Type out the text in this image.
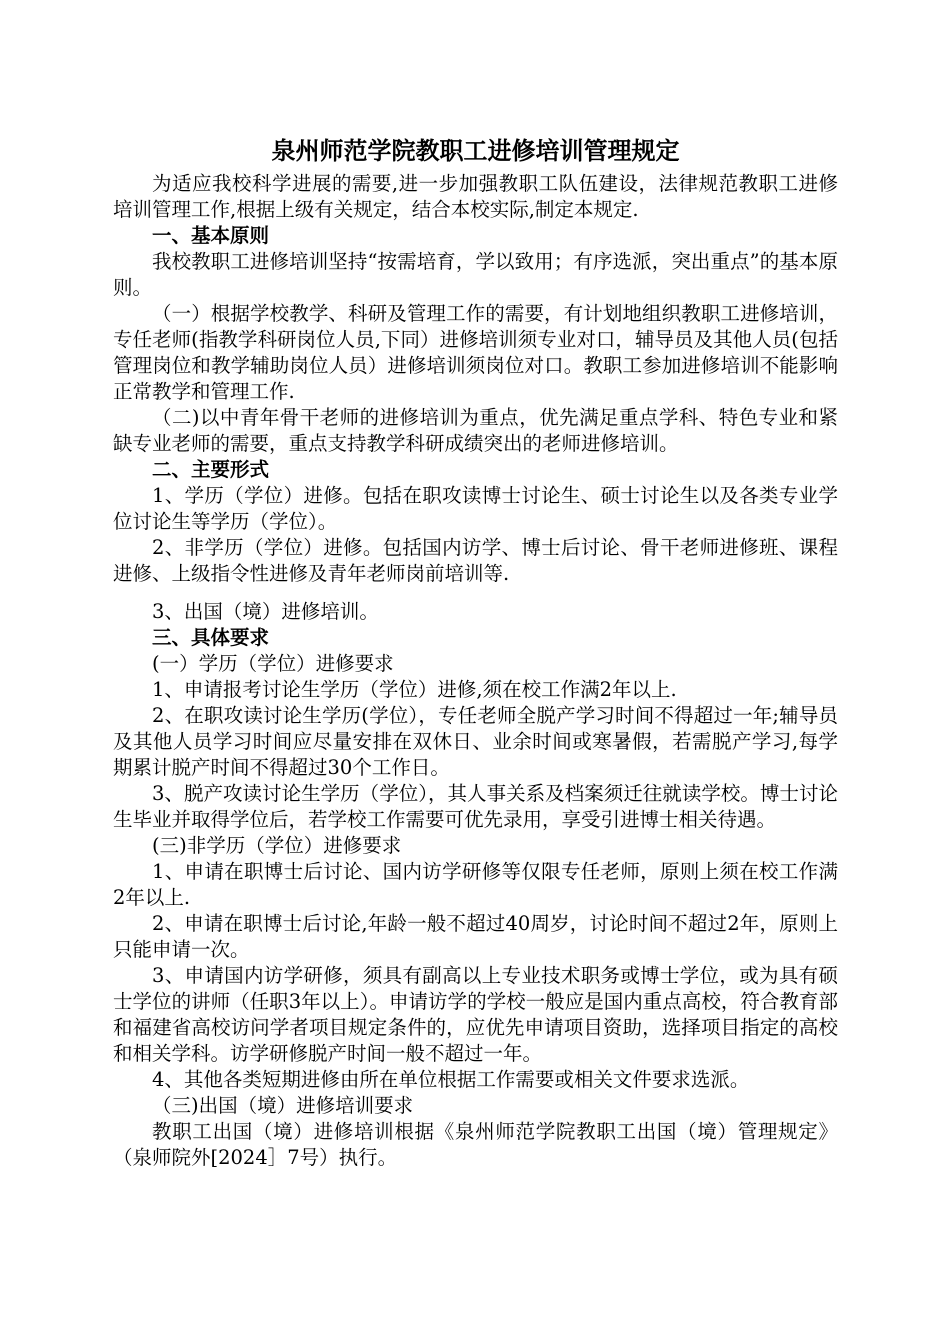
泉州师范学院教职工进修培训管理规定

为适应我校科学进展的需要,进一步加强教职工队伍建设，法律规范教职工进修培训管理工作,根据上级有关规定，结合本校实际,制定本规定.

一、基本原则

我校教职工进修培训坚持“按需培育，学以致用；有序选派，突出重点”的基本原则。

（一）根据学校教学、科研及管理工作的需要，有计划地组织教职工进修培训，专任老师(指教学科研岗位人员,下同）进修培训须专业对口，辅导员及其他人员(包括管理岗位和教学辅助岗位人员）进修培训须岗位对口。教职工参加进修培训不能影响正常教学和管理工作.

（二)以中青年骨干老师的进修培训为重点，优先满足重点学科、特色专业和紧缺专业老师的需要，重点支持教学科研成绩突出的老师进修培训。

二、主要形式

1、学历（学位）进修。包括在职攻读博士讨论生、硕士讨论生以及各类专业学位讨论生等学历（学位）。

2、非学历（学位）进修。包括国内访学、博士后讨论、骨干老师进修班、课程进修、上级指令性进修及青年老师岗前培训等.

3、出国（境）进修培训。

三、具体要求

(一）学历（学位）进修要求

1、申请报考讨论生学历（学位）进修,须在校工作满2年以上.

2、在职攻读讨论生学历(学位），专任老师全脱产学习时间不得超过一年;辅导员及其他人员学习时间应尽量安排在双休日、业余时间或寒暑假，若需脱产学习,每学期累计脱产时间不得超过30个工作日。

3、脱产攻读讨论生学历（学位），其人事关系及档案须迁往就读学校。博士讨论生毕业并取得学位后，若学校工作需要可优先录用，享受引进博士相关待遇。

(三)非学历（学位）进修要求

1、申请在职博士后讨论、国内访学研修等仅限专任老师，原则上须在校工作满2年以上.

2、申请在职博士后讨论,年龄一般不超过40周岁，讨论时间不超过2年，原则上只能申请一次。

3、申请国内访学研修，须具有副高以上专业技术职务或博士学位，或为具有硕士学位的讲师（任职3年以上）。申请访学的学校一般应是国内重点高校，符合教育部和福建省高校访问学者项目规定条件的，应优先申请项目资助，选择项目指定的高校和相关学科。访学研修脱产时间一般不超过一年。

4、其他各类短期进修由所在单位根据工作需要或相关文件要求选派。

（三)出国（境）进修培训要求

教职工出国（境）进修培训根据《泉州师范学院教职工出国（境）管理规定》（泉师院外[2024］7号）执行。
